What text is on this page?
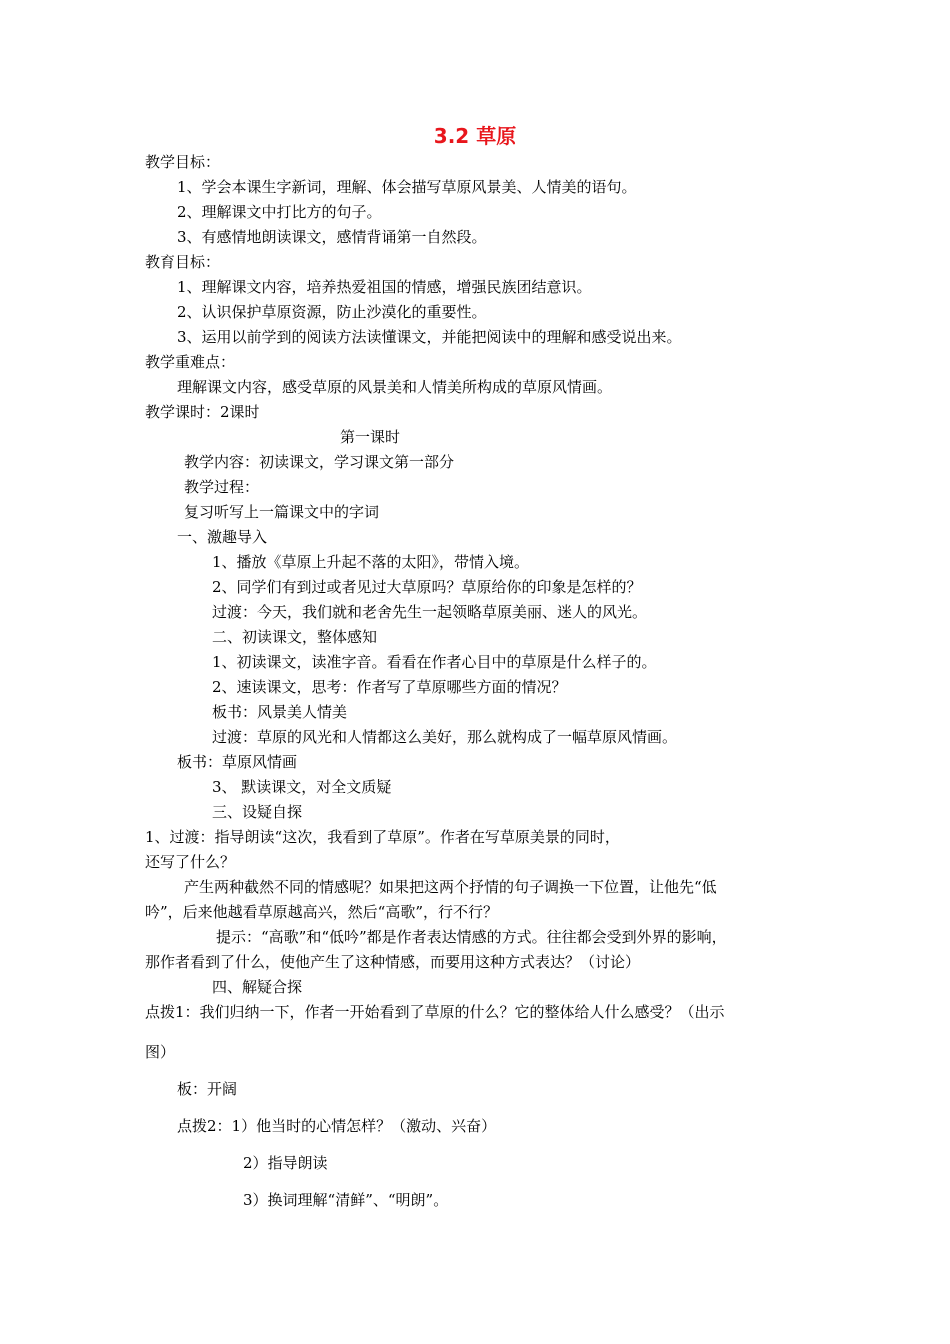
3.2 草原
教学目标：
1、学会本课生字新词，理解、体会描写草原风景美、人情美的语句。
2、理解课文中打比方的句子。
3、有感情地朗读课文，感情背诵第一自然段。
教育目标：
1、理解课文内容，培养热爱祖国的情感，增强民族团结意识。
2、认识保护草原资源，防止沙漠化的重要性。
3、运用以前学到的阅读方法读懂课文，并能把阅读中的理解和感受说出来。
教学重难点：
理解课文内容，感受草原的风景美和人情美所构成的草原风情画。
教学课时：2课时
第一课时
教学内容：初读课文，学习课文第一部分
教学过程：
复习听写上一篇课文中的字词
一、激趣导入
1、播放《草原上升起不落的太阳》，带情入境。
2、同学们有到过或者见过大草原吗？草原给你的印象是怎样的？
过渡：今天，我们就和老舍先生一起领略草原美丽、迷人的风光。
二、初读课文，整体感知
1、初读课文，读准字音。看看在作者心目中的草原是什么样子的。
2、速读课文，思考：作者写了草原哪些方面的情况？
板书：风景美人情美
过渡：草原的风光和人情都这么美好，那么就构成了一幅草原风情画。
板书：草原风情画
3、 默读课文，对全文质疑
三、设疑自探
1、过渡：指导朗读“这次，我看到了草原”。作者在写草原美景的同时，
还写了什么？
产生两种截然不同的情感呢？如果把这两个抒情的句子调换一下位置，让他先“低
吟”，后来他越看草原越高兴，然后“高歌”，行不行？
提示：“高歌”和“低吟”都是作者表达情感的方式。往往都会受到外界的影响，
那作者看到了什么，使他产生了这种情感，而要用这种方式表达？（讨论）
四、解疑合探
点拨1：我们归纳一下，作者一开始看到了草原的什么？它的整体给人什么感受？（出示
图）
板：开阔
点拨2：1）他当时的心情怎样？（激动、兴奋）
2）指导朗读
3）换词理解“清鲜”、“明朗”。
